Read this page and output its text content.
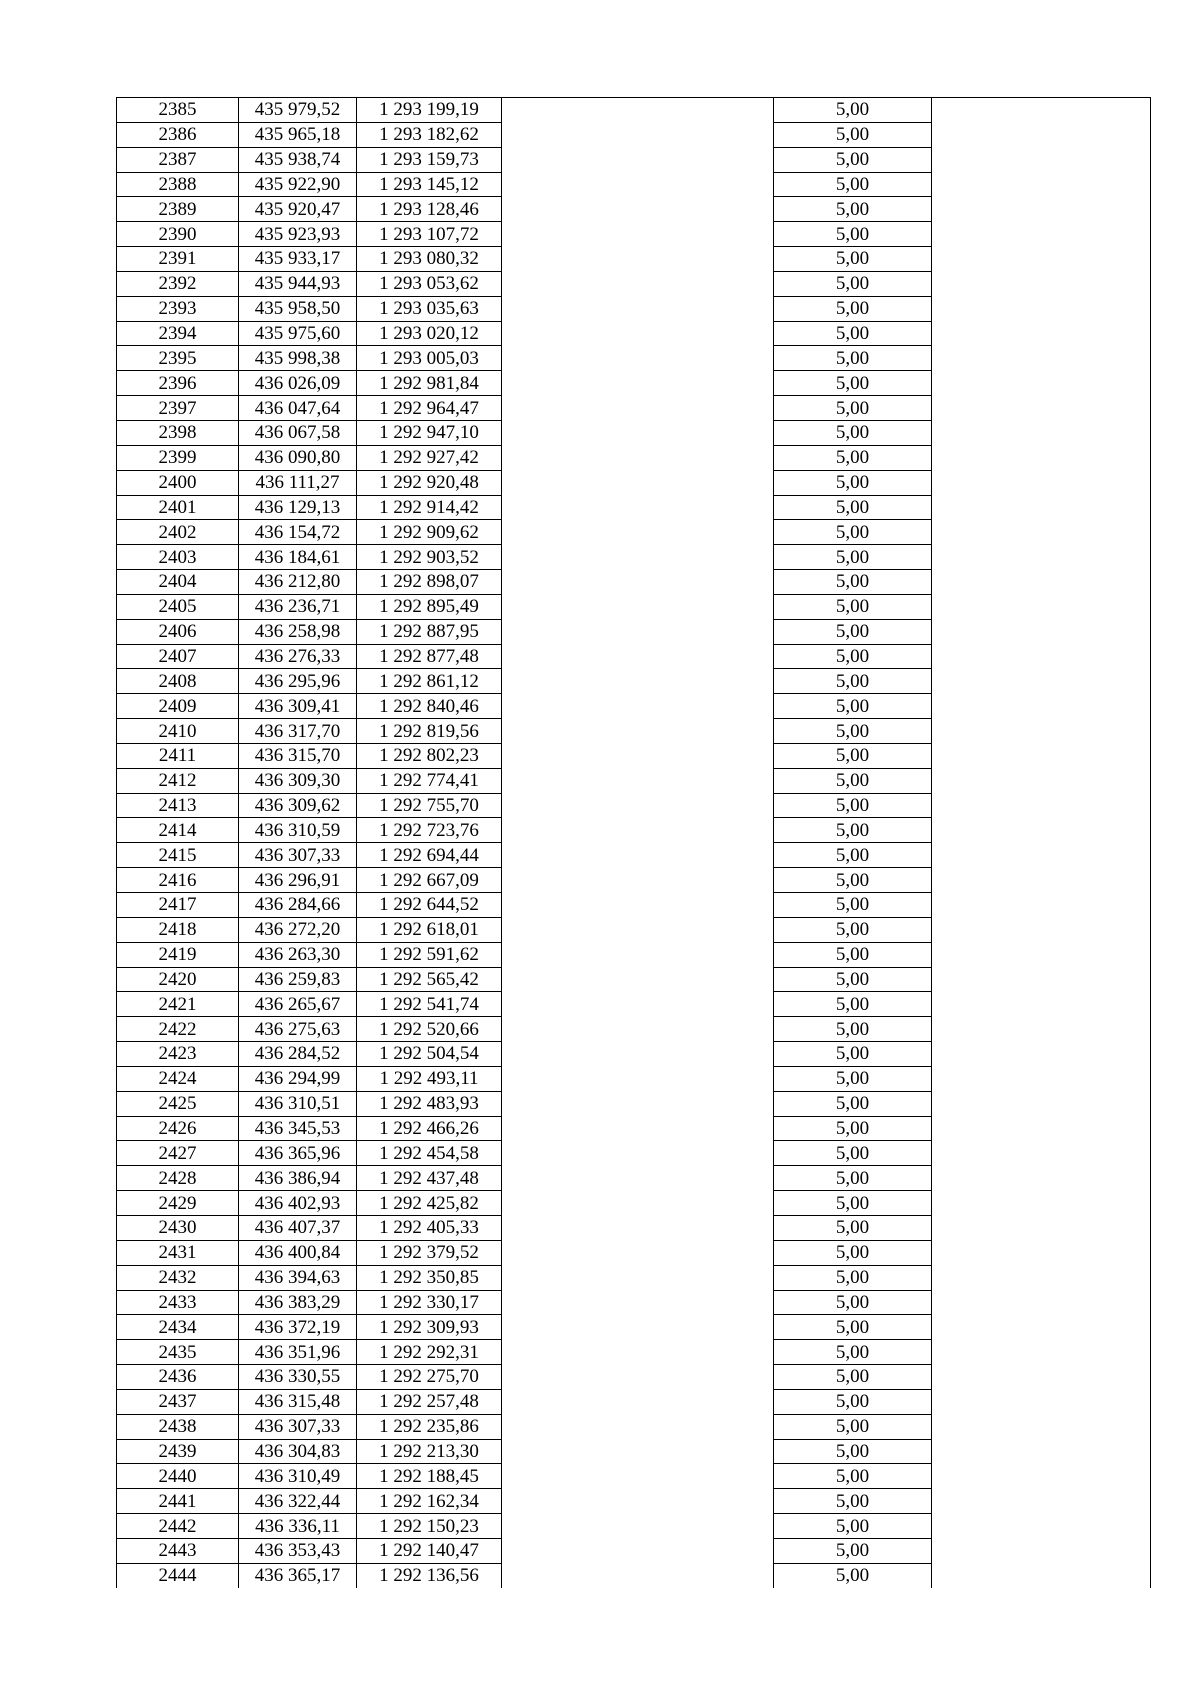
2385	435 979,52	1 293 199,19		5,00	
2386	435 965,18	1 293 182,62		5,00	
2387	435 938,74	1 293 159,73		5,00	
2388	435 922,90	1 293 145,12		5,00	
2389	435 920,47	1 293 128,46		5,00	
2390	435 923,93	1 293 107,72		5,00	
2391	435 933,17	1 293 080,32		5,00	
2392	435 944,93	1 293 053,62		5,00	
2393	435 958,50	1 293 035,63		5,00	
2394	435 975,60	1 293 020,12		5,00	
2395	435 998,38	1 293 005,03		5,00	
2396	436 026,09	1 292 981,84		5,00	
2397	436 047,64	1 292 964,47		5,00	
2398	436 067,58	1 292 947,10		5,00	
2399	436 090,80	1 292 927,42		5,00	
2400	436 111,27	1 292 920,48		5,00	
2401	436 129,13	1 292 914,42		5,00	
2402	436 154,72	1 292 909,62		5,00	
2403	436 184,61	1 292 903,52		5,00	
2404	436 212,80	1 292 898,07		5,00	
2405	436 236,71	1 292 895,49		5,00	
2406	436 258,98	1 292 887,95		5,00	
2407	436 276,33	1 292 877,48		5,00	
2408	436 295,96	1 292 861,12		5,00	
2409	436 309,41	1 292 840,46		5,00	
2410	436 317,70	1 292 819,56		5,00	
2411	436 315,70	1 292 802,23		5,00	
2412	436 309,30	1 292 774,41		5,00	
2413	436 309,62	1 292 755,70		5,00	
2414	436 310,59	1 292 723,76		5,00	
2415	436 307,33	1 292 694,44		5,00	
2416	436 296,91	1 292 667,09		5,00	
2417	436 284,66	1 292 644,52		5,00	
2418	436 272,20	1 292 618,01		5,00	
2419	436 263,30	1 292 591,62		5,00	
2420	436 259,83	1 292 565,42		5,00	
2421	436 265,67	1 292 541,74		5,00	
2422	436 275,63	1 292 520,66		5,00	
2423	436 284,52	1 292 504,54		5,00	
2424	436 294,99	1 292 493,11		5,00	
2425	436 310,51	1 292 483,93		5,00	
2426	436 345,53	1 292 466,26		5,00	
2427	436 365,96	1 292 454,58		5,00	
2428	436 386,94	1 292 437,48		5,00	
2429	436 402,93	1 292 425,82		5,00	
2430	436 407,37	1 292 405,33		5,00	
2431	436 400,84	1 292 379,52		5,00	
2432	436 394,63	1 292 350,85		5,00	
2433	436 383,29	1 292 330,17		5,00	
2434	436 372,19	1 292 309,93		5,00	
2435	436 351,96	1 292 292,31		5,00	
2436	436 330,55	1 292 275,70		5,00	
2437	436 315,48	1 292 257,48		5,00	
2438	436 307,33	1 292 235,86		5,00	
2439	436 304,83	1 292 213,30		5,00	
2440	436 310,49	1 292 188,45		5,00	
2441	436 322,44	1 292 162,34		5,00	
2442	436 336,11	1 292 150,23		5,00	
2443	436 353,43	1 292 140,47		5,00	
2444	436 365,17	1 292 136,56		5,00	
